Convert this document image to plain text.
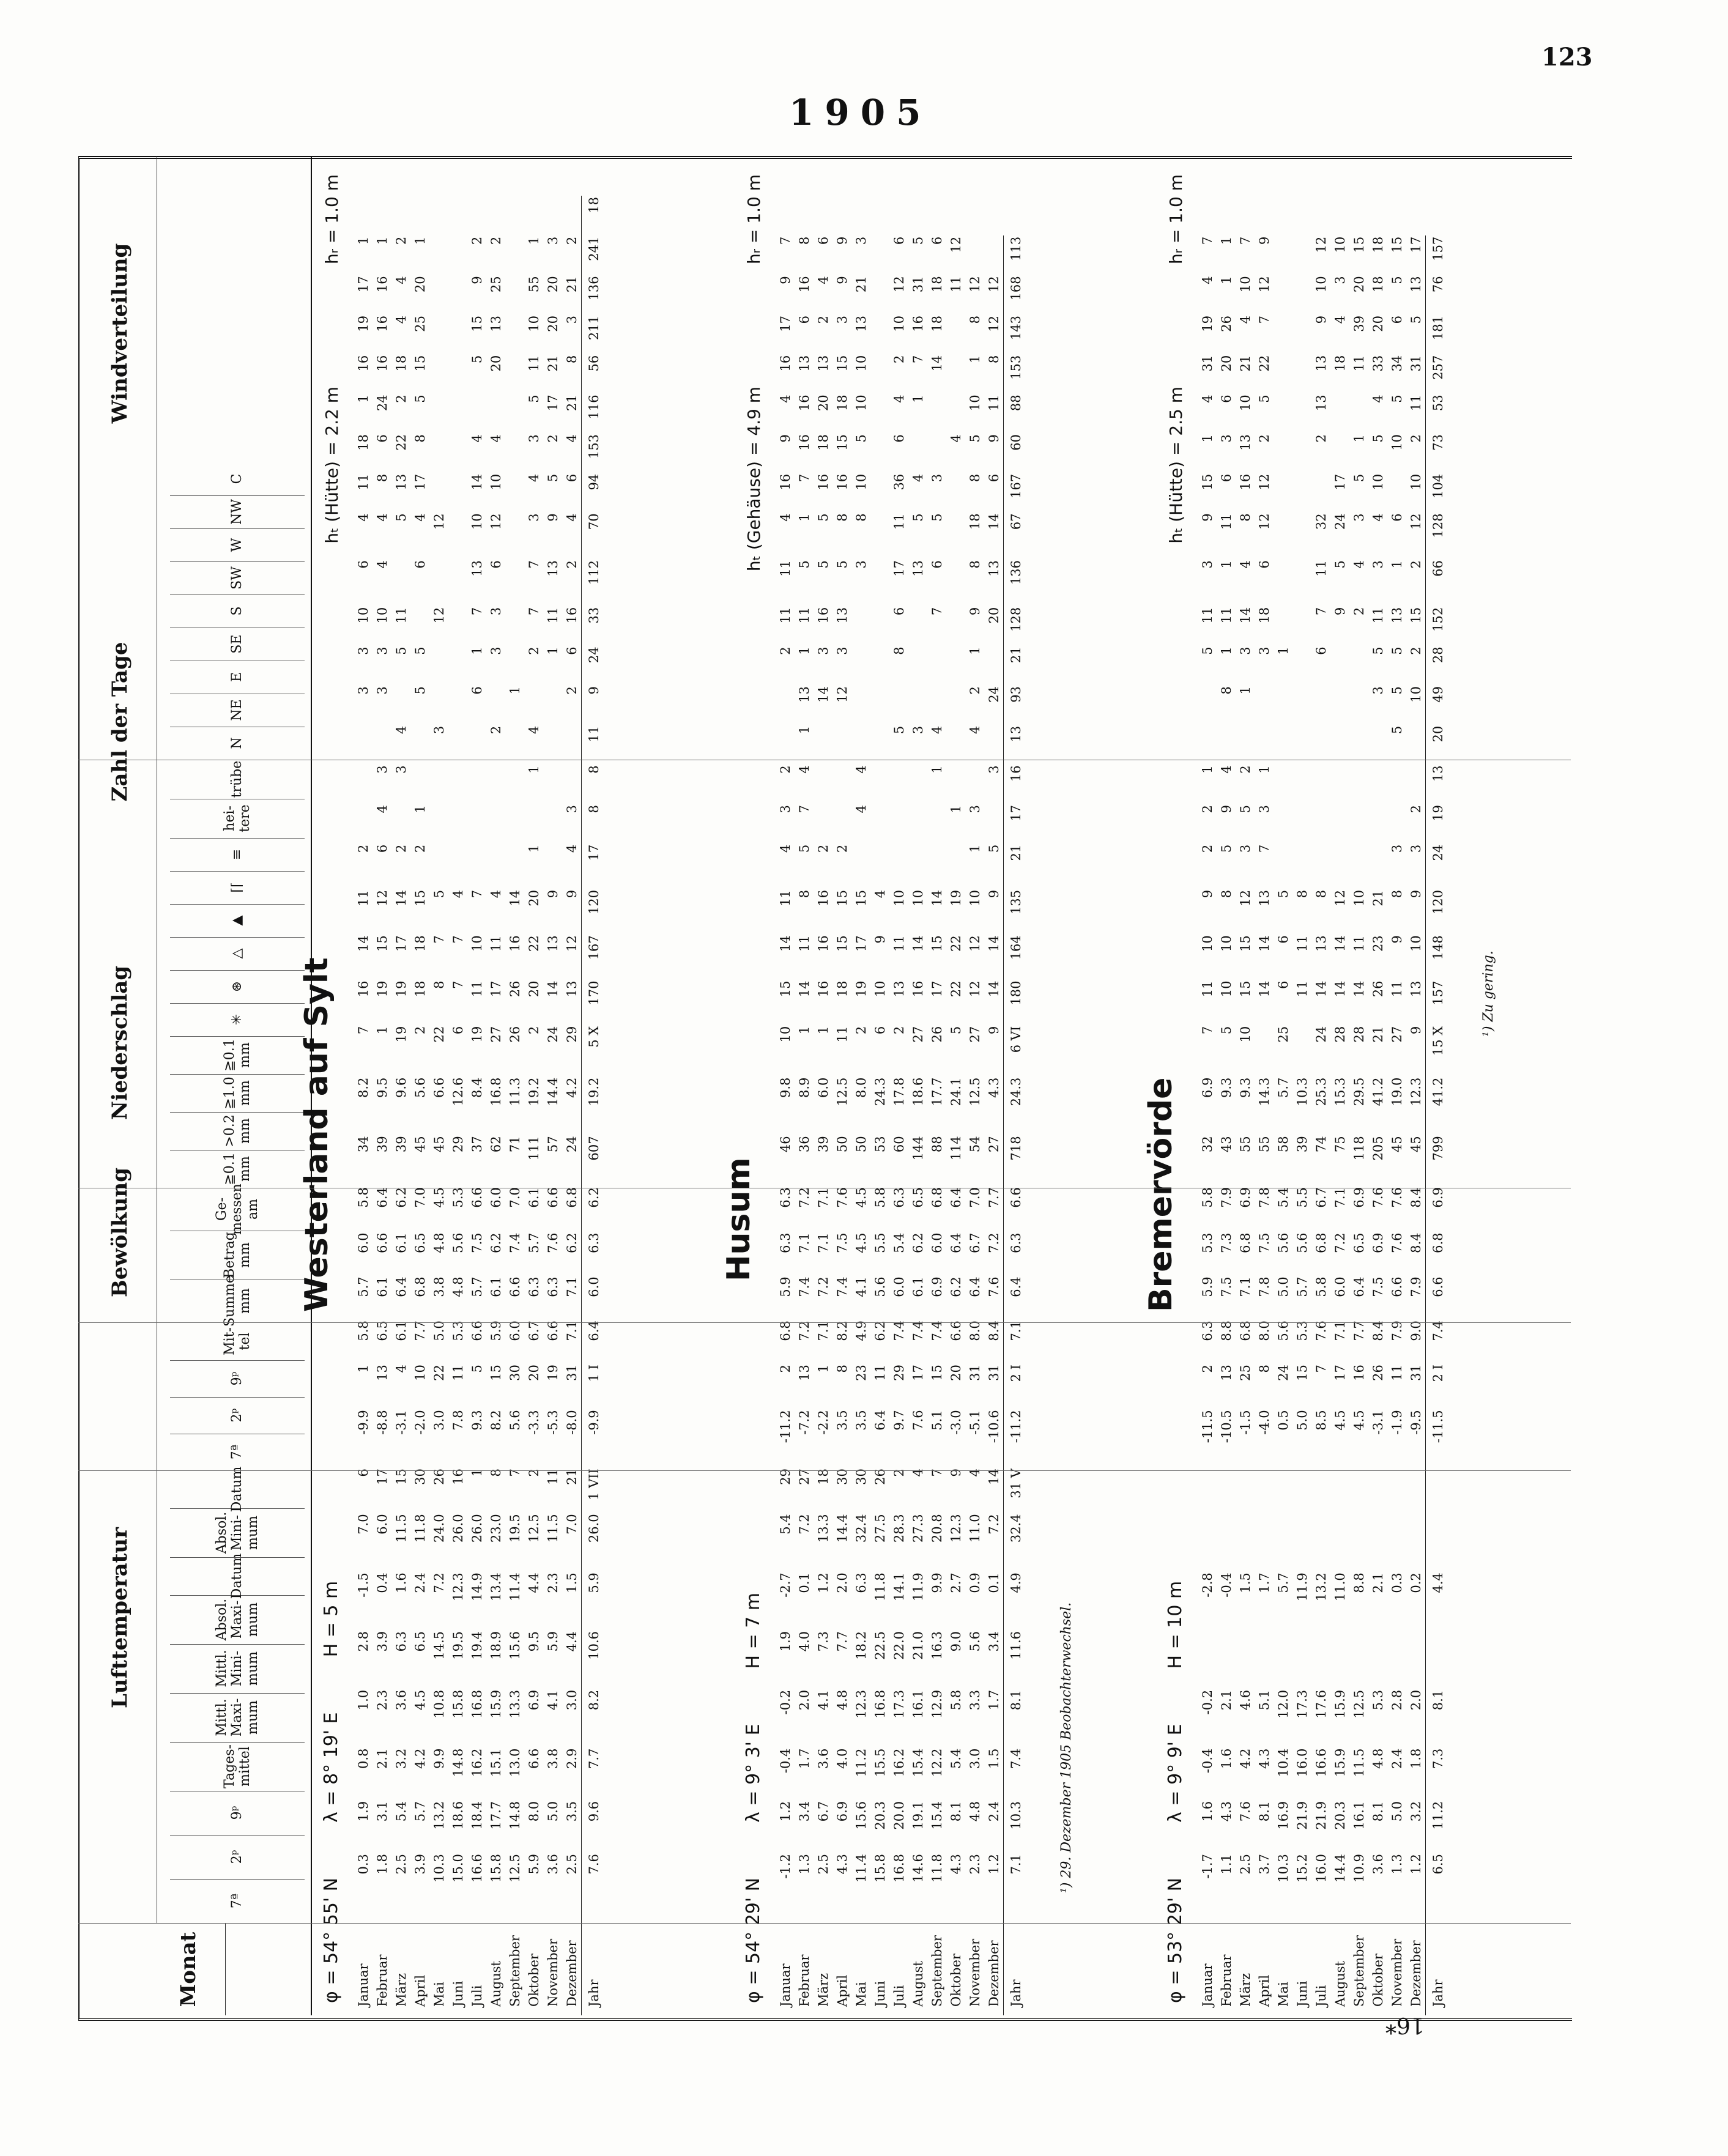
123
1905
16*
Monat
Lufttemperatur
Bewölkung
Niederschlag
Zahl der Tage
Windverteilung
7ª
2ᵖ
9ᵖ
Tages-mittel
Mittl. Maxi-mum
Mittl. Mini-mum
Absol. Maxi-mum
Datum
Absol. Mini-mum
Datum
7ª
2ᵖ
9ᵖ
Mit-tel
Summe mm
Betrag mm
Ge-messen am
≧0.1 mm
>0.2 mm
≧1.0 mm
≧0.1 mm
✳
⊛
△
▲
⌈⌈
≡
hei-tere
trübe
N
NE
E
SE
S
SW
W
NW
C
φ = 54° 55' Nλ = 8° 19' EH = 5 m
Westerland auf Sylt
hₜ (Hütte) = 2.2 mhᵣ = 1.0 m
Januar	0.3	1.9	0.8	1.0	2.8	-1.5	7.0	6	-9.9	1	5.8	5.7	6.0	5.8	34	8.2	7	16	14	11	2				3	3	10	6	4	11	18	1	16	19	17	1	
Februar	1.8	3.1	2.1	2.3	3.9	0.4	6.0	17	-8.8	13	6.5	6.1	6.6	6.4	39	9.5	1	19	15	12	6	4	3		3	3	10	4	4	8	6	24	16	16	16	1	
März	2.5	5.4	3.2	3.6	6.3	1.6	11.5	15	-3.1	4	6.1	6.4	6.1	6.2	39	9.6	19	19	17	14	2		3	4		5	11		5	13	22	2	18	4	4	2	
April	3.9	5.7	4.2	4.5	6.5	2.4	11.8	30	-2.0	10	7.7	6.8	6.5	7.0	45	5.6	2	18	18	15	2	1			5	5		6	4	17	8	5	15	25	20	1	
Mai	10.3	13.2	9.9	10.8	14.5	7.2	24.0	26	3.0	22	5.0	3.8	4.8	4.5	45	6.6	22	8	7	5				3			12		12								
Juni	15.0	18.6	14.8	15.8	19.5	12.3	26.0	16	7.8	11	5.3	4.8	5.6	5.3	29	12.6	6	7	7	4																	
Juli	16.6	18.4	16.2	16.8	19.4	14.9	26.0	1	9.3	5	6.6	5.7	7.5	6.6	37	8.4	19	11	10	7					6	1	7	13	10	14	4		5	15	9	2	
August	15.8	17.7	15.1	15.9	18.9	13.4	23.0	8	8.2	15	5.9	6.1	6.2	6.0	62	16.8	27	17	11	4				2		3	3	6	12	10	4		20	13	25	2	
September	12.5	14.8	13.0	13.3	15.6	11.4	19.5	7	5.6	30	6.0	6.6	7.4	7.0	71	11.3	26	26	16	14					1												
Oktober	5.9	8.0	6.6	6.9	9.5	4.4	12.5	2	-3.3	20	6.7	6.3	5.7	6.1	111	19.2	2	20	22	20	1		1	4		2	7	7	3	4	3	5	11	10	55	1	
November	3.6	5.0	3.8	4.1	5.9	2.3	11.5	11	-5.3	19	6.6	6.3	7.6	6.6	57	14.4	24	14	13	9						1	11	13	9	5	2	17	21	20	20	3	
Dezember	2.5	3.5	2.9	3.0	4.4	1.5	7.0	21	-8.0	31	7.1	7.1	6.2	6.8	24	4.2	29	13	12	9	4	3			2	6	16	2	4	6	4	21	8	3	21	2	
Jahr	7.6	9.6	7.7	8.2	10.6	5.9	26.0	1 VII	-9.9	1 I	6.4	6.0	6.3	6.2	607	19.2	5 X	170	167	120	17	8	8	11	9	24	33	112	70	94	153	116	56	211	136	241	18
φ = 54° 29' Nλ = 9° 3' EH = 7 m
Husum
hₜ (Gehäuse) = 4.9 mhᵣ = 1.0 m
Januar	-1.2	1.2	-0.4	-0.2	1.9	-2.7	5.4	29	-11.2	2	6.8	5.9	6.3	6.3	46	9.8	10	15	14	11	4	3	2			2	11	11	4	16	9	4	16	17	9	7
Februar	1.3	3.4	1.7	2.0	4.0	0.1	7.2	27	-7.2	13	7.2	7.4	7.1	7.2	36	8.9	1	14	11	8	5	7	4	1	13	1	11	5	1	7	16	16	13	6	16	8
März	2.5	6.7	3.6	4.1	7.3	1.2	13.3	18	-2.2	1	7.1	7.2	7.1	7.1	39	6.0	1	16	16	16	2				14	3	16	5	5	16	18	20	13	2	4	6
April	4.3	6.9	4.0	4.8	7.7	2.0	14.4	30	3.5	8	8.2	7.4	7.5	7.6	50	12.5	11	18	15	15	2				12	3	13	5	8	16	15	18	15	3	9	9
Mai	11.4	15.6	11.2	12.3	18.2	6.3	32.4	30	3.5	23	4.9	4.1	4.5	4.5	50	8.0	2	19	17	15		4	4					3	8	10	5	10	10	13	21	3
Juni	15.8	20.3	15.5	16.8	22.5	11.8	27.5	26	6.4	11	6.2	5.6	5.5	5.8	53	24.3	6	10	9	4																
Juli	16.8	20.0	16.2	17.3	22.0	14.1	28.3	2	9.7	29	7.4	6.0	5.4	6.3	60	17.8	2	13	11	10				5		8	6	17	11	36	6	4	2	10	12	6
August	14.6	19.1	15.4	16.1	21.0	11.9	27.3	4	7.6	17	7.4	6.1	6.2	6.5	144	18.6	27	16	14	10				3				13	5	4		1	7	16	31	5
September	11.8	15.4	12.2	12.9	16.3	9.9	20.8	7	5.1	15	7.4	6.9	6.0	6.8	88	17.7	26	17	15	14			1	4			7	6	5	3			14	18	18	6
Oktober	4.3	8.1	5.4	5.8	9.0	2.7	12.3	9	-3.0	20	6.6	6.2	6.4	6.4	114	24.1	5	22	22	19		1									4				11	12
November	2.3	4.8	3.0	3.3	5.6	0.9	11.0	4	-5.1	31	8.0	6.4	6.7	7.0	54	12.5	27	12	12	10	1	3		4	2	1	9	8	18	8	5	10	1	8	12	
Dezember	1.2	2.4	1.5	1.7	3.4	0.1	7.2	14	-10.6	31	8.4	7.6	7.2	7.7	27	4.3	9	14	14	9	5		3		24		20	13	14	6	9	11	8	12	12	
Jahr	7.1	10.3	7.4	8.1	11.6	4.9	32.4	31 V	-11.2	2 I	7.1	6.4	6.3	6.6	718	24.3	6 VI	180	164	135	21	17	16	13	93	21	128	136	67	167	60	88	153	143	168	113
¹) 29. Dezember 1905 Beobachterwechsel.
φ = 53° 29' Nλ = 9° 9' EH = 10 m
Bremervörde
hₜ (Hütte) = 2.5 mhᵣ = 1.0 m
Januar	-1.7	1.6	-0.4	-0.2		-2.8			-11.5	2	6.3	5.9	5.3	5.8	32	6.9	7	11	10	9	2	2	1			5	11	3	9	15	1	4	31	19	4	7
Februar	1.1	4.3	1.6	2.1		-0.4			-10.5	13	8.8	7.5	7.3	7.9	43	9.3	5	10	10	8	5	9	4		8	1	11	1	11	6	3	6	20	26	1	1
März	2.5	7.6	4.2	4.6		1.5			-1.5	25	6.8	7.1	6.8	6.9	55	9.3	10	15	15	12	3	5	2		1	3	14	4	8	16	13	10	21	4	10	7
April	3.7	8.1	4.3	5.1		1.7			-4.0	8	8.0	7.8	7.5	7.8	55	14.3		14	14	13	7	3	1			3	18	6	12	12	2	5	22	7	12	9
Mai	10.3	16.9	10.4	12.0		5.7			0.5	24	5.6	5.0	5.6	5.4	58	5.7	25	6	6	5						1										
Juni	15.2	21.9	16.0	17.3		11.9			5.0	15	5.3	5.7	5.6	5.5	39	10.3		11	11	8																
Juli	16.0	21.9	16.6	17.6		13.2			8.5	7	7.6	5.8	6.8	6.7	74	25.3	24	14	13	8						6	7	11	32		2	13	13	9	10	12
August	14.4	20.3	15.9	15.9		11.0			4.5	17	7.1	6.0	7.2	7.1	75	15.3	28	14	14	12							9	5	24	17			18	4	3	10
September	10.9	16.1	11.5	12.5		8.8			4.5	16	7.7	6.4	6.5	6.9	118	29.5	28	14	11	10							2	4	3	5	1		11	39	20	15
Oktober	3.6	8.1	4.8	5.3		2.1			-3.1	26	8.4	7.5	6.9	7.6	205	41.2	21	26	23	21					3	5	11	3	4	10	5	4	33	20	18	18
November	1.3	5.0	2.4	2.8		0.3			-1.9	11	7.9	6.6	7.6	7.6	45	19.0	27	11	9	8	3			5	5	5	13	1	6		10	5	34	6	5	15
Dezember	1.2	3.2	1.8	2.0		0.2			-9.5	31	9.0	7.9	8.4	8.4	45	12.3	9	13	10	9	3	2			10	2	15	2	12	10	2	11	31	5	13	17
Jahr	6.5	11.2	7.3	8.1		4.4			-11.5	2 I	7.4	6.6	6.8	6.9	799	41.2	15 X	157	148	120	24	19	13	20	49	28	152	66	128	104	73	53	257	181	76	157
¹) Zu gering.
